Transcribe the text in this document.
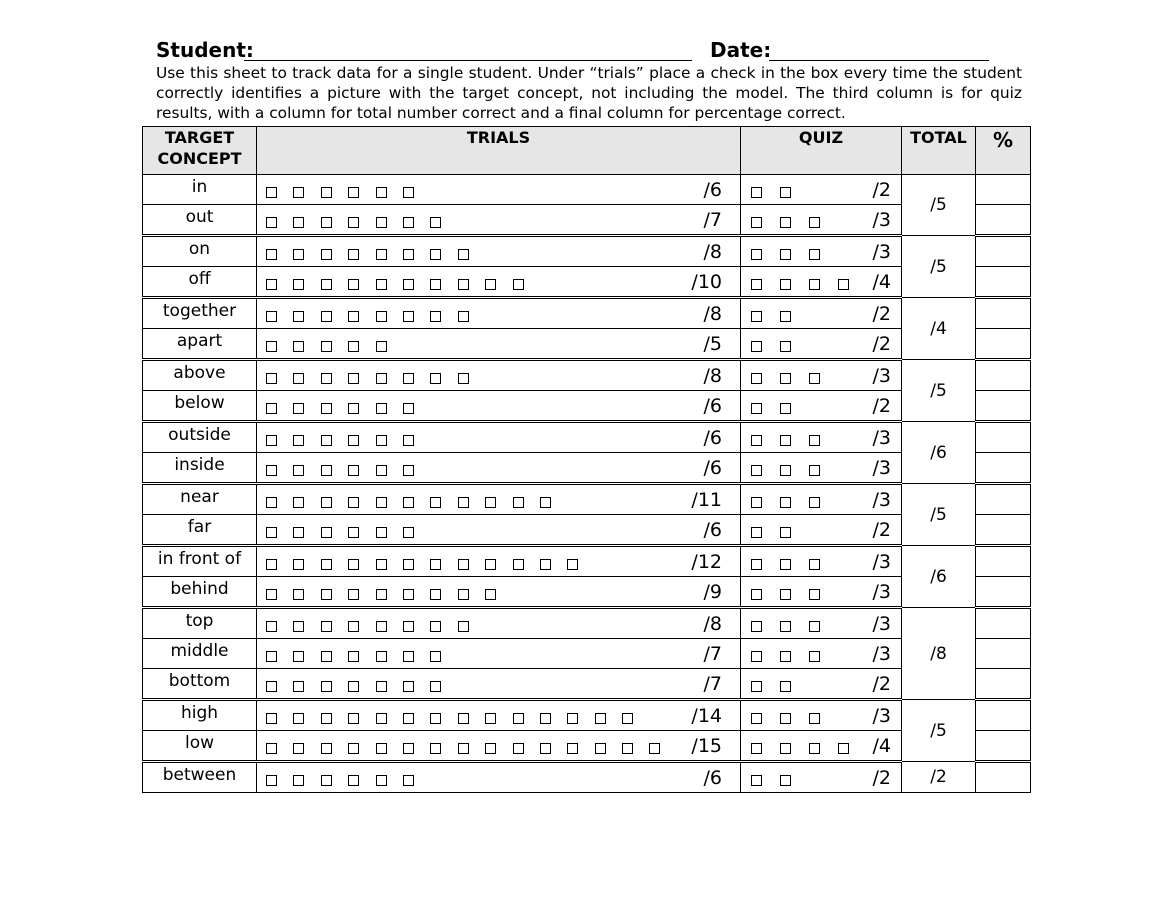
Student:	Date:
Use this sheet to track data for a single student. Under “trials” place a check in the box every time the student correctly identifies a picture with the target concept, not including the model. The third column is for quiz results, with a column for total number correct and a final column for percentage correct.
TARGET
CONCEPT	TRIALS	QUIZ	TOTAL	%
in	/6	/2	/5	
out	/7	/3		

on	/8	/3	/5	
off	/10	/4		

together	/8	/2	/4	
apart	/5	/2		

above	/8	/3	/5	
below	/6	/2		

outside	/6	/3	/6	
inside	/6	/3		

near	/11	/3	/5	
far	/6	/2		

in front of	/12	/3	/6	
behind	/9	/3		

top	/8	/3	/8	
middle	/7	/3		

bottom	/7	/2		

high	/14	/3	/5	
low	/15	/4		

between	/6	/2	/2	
